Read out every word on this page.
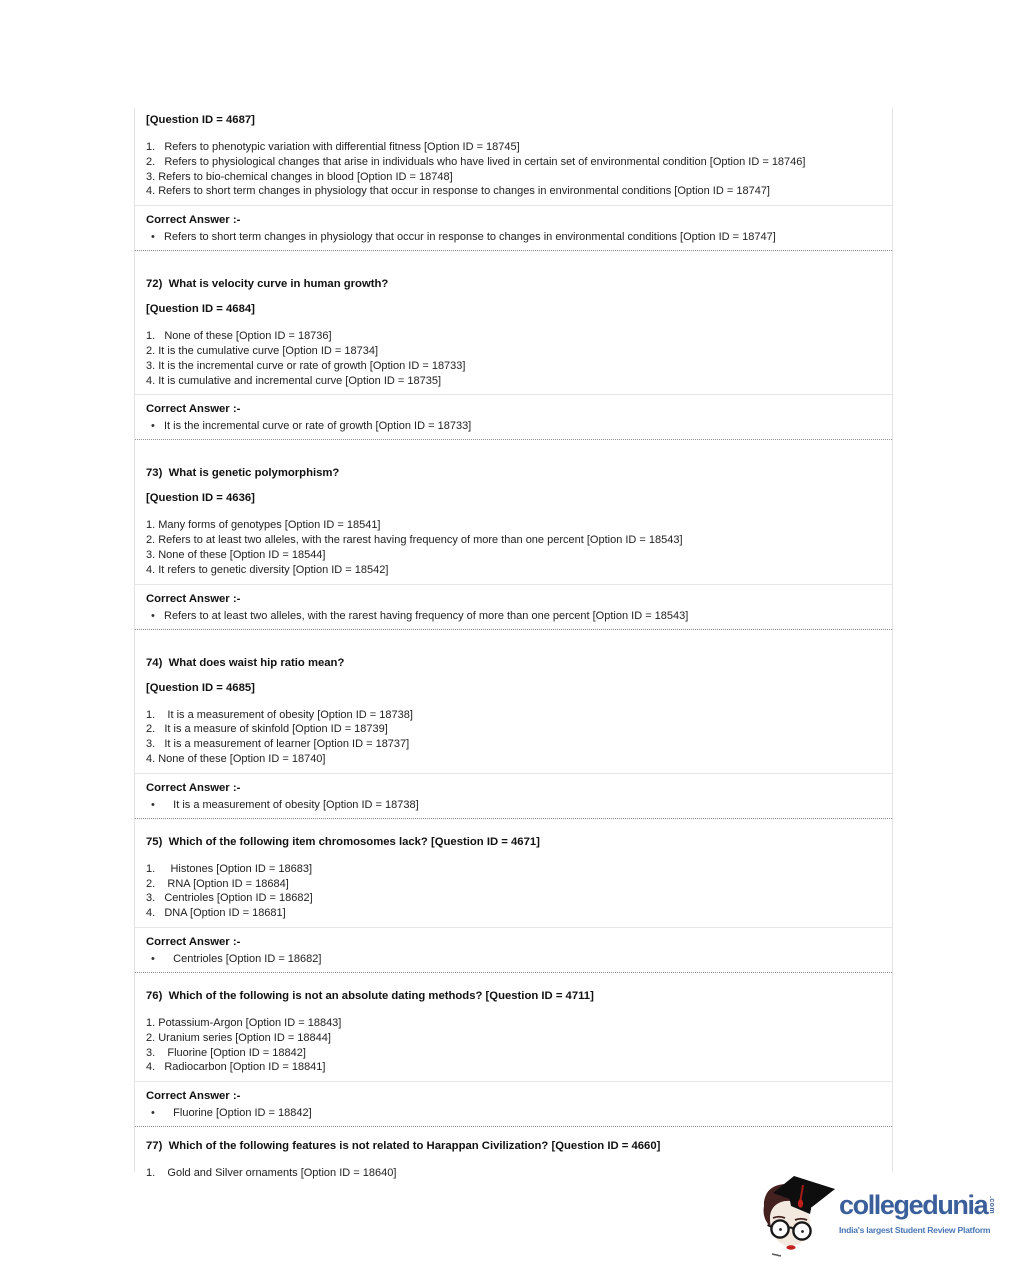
[Question ID = 4687]

1.   Refers to phenotypic variation with differential fitness [Option ID = 18745]

2.   Refers to physiological changes that arise in individuals who have lived in certain set of environmental condition [Option ID = 18746]

3. Refers to bio-chemical changes in blood [Option ID = 18748]

4. Refers to short term changes in physiology that occur in response to changes in environmental conditions [Option ID = 18747]

Correct Answer :-

• Refers to short term changes in physiology that occur in response to changes in environmental conditions [Option ID = 18747]

72)  What is velocity curve in human growth?

[Question ID = 4684]

1.   None of these [Option ID = 18736]

2. It is the cumulative curve [Option ID = 18734]

3. It is the incremental curve or rate of growth [Option ID = 18733]

4. It is cumulative and incremental curve [Option ID = 18735]

Correct Answer :-

• It is the incremental curve or rate of growth [Option ID = 18733]

73)  What is genetic polymorphism?

[Question ID = 4636]

1. Many forms of genotypes [Option ID = 18541]

2. Refers to at least two alleles, with the rarest having frequency of more than one percent [Option ID = 18543]

3. None of these [Option ID = 18544]

4. It refers to genetic diversity [Option ID = 18542]

Correct Answer :-

• Refers to at least two alleles, with the rarest having frequency of more than one percent [Option ID = 18543]

74)  What does waist hip ratio mean?

[Question ID = 4685]

1.    It is a measurement of obesity [Option ID = 18738]

2.   It is a measure of skinfold [Option ID = 18739]

3.   It is a measurement of learner [Option ID = 18737]

4. None of these [Option ID = 18740]

Correct Answer :-

•   It is a measurement of obesity [Option ID = 18738]

75)  Which of the following item chromosomes lack? [Question ID = 4671]

1.     Histones [Option ID = 18683]

2.    RNA [Option ID = 18684]

3.   Centrioles [Option ID = 18682]

4.   DNA [Option ID = 18681]

Correct Answer :-

•   Centrioles [Option ID = 18682]

76)  Which of the following is not an absolute dating methods? [Question ID = 4711]

1. Potassium-Argon [Option ID = 18843]

2. Uranium series [Option ID = 18844]

3.    Fluorine [Option ID = 18842]

4.   Radiocarbon [Option ID = 18841]

Correct Answer :-

•   Fluorine [Option ID = 18842]

77)  Which of the following features is not related to Harappan Civilization? [Question ID = 4660]

1.    Gold and Silver ornaments [Option ID = 18640]

collegedunia .com
India's largest Student Review Platform
